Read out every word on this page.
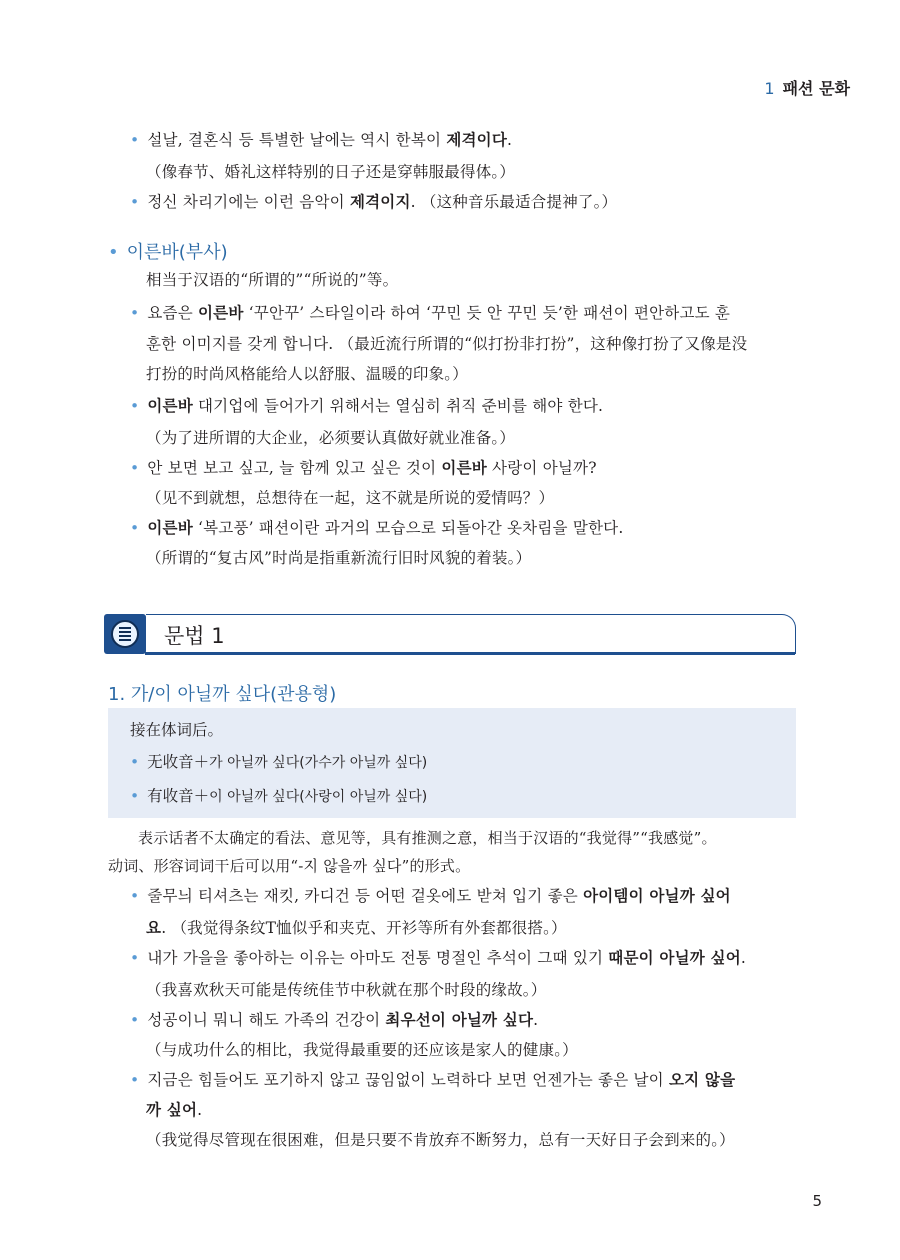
1 패션 문화
• 설날, 결혼식 등 특별한 날에는 역시 한복이 제격이다.
（像春节、婚礼这样特别的日子还是穿韩服最得体。）
• 정신 차리기에는 이런 음악이 제격이지. （这种音乐最适合提神了。）
• 이른바(부사)
相当于汉语的“所谓的”“所说的”等。
• 요즘은 이른바 ‘꾸안꾸’ 스타일이라 하여 ‘꾸민 듯 안 꾸민 듯’한 패션이 편안하고도 훈
훈한 이미지를 갖게 합니다. （最近流行所谓的“似打扮非打扮”，这种像打扮了又像是没
打扮的时尚风格能给人以舒服、温暖的印象。）
• 이른바 대기업에 들어가기 위해서는 열심히 취직 준비를 해야 한다.
（为了进所谓的大企业，必须要认真做好就业准备。）
• 안 보면 보고 싶고, 늘 함께 있고 싶은 것이 이른바 사랑이 아닐까?
（见不到就想，总想待在一起，这不就是所说的爱情吗？）
• 이른바 ‘복고풍’ 패션이란 과거의 모습으로 되돌아간 옷차림을 말한다.
（所谓的“复古风”时尚是指重新流行旧时风貌的着装。）
문법 1
1. 가/이 아닐까 싶다(관용형)
接在体词后。
• 无收音＋가 아닐까 싶다(가수가 아닐까 싶다)
• 有收音＋이 아닐까 싶다(사랑이 아닐까 싶다)
表示话者不太确定的看法、意见等，具有推测之意，相当于汉语的“我觉得”“我感觉”。
动词、形容词词干后可以用“-지 않을까 싶다”的形式。
• 줄무늬 티셔츠는 재킷, 카디건 등 어떤 겉옷에도 받쳐 입기 좋은 아이템이 아닐까 싶어
요. （我觉得条纹T恤似乎和夹克、开衫等所有外套都很搭。）
• 내가 가을을 좋아하는 이유는 아마도 전통 명절인 추석이 그때 있기 때문이 아닐까 싶어.
（我喜欢秋天可能是传统佳节中秋就在那个时段的缘故。）
• 성공이니 뭐니 해도 가족의 건강이 최우선이 아닐까 싶다.
（与成功什么的相比，我觉得最重要的还应该是家人的健康。）
• 지금은 힘들어도 포기하지 않고 끊임없이 노력하다 보면 언젠가는 좋은 날이 오지 않을
까 싶어.
（我觉得尽管现在很困难，但是只要不肯放弃不断努力，总有一天好日子会到来的。）
5
